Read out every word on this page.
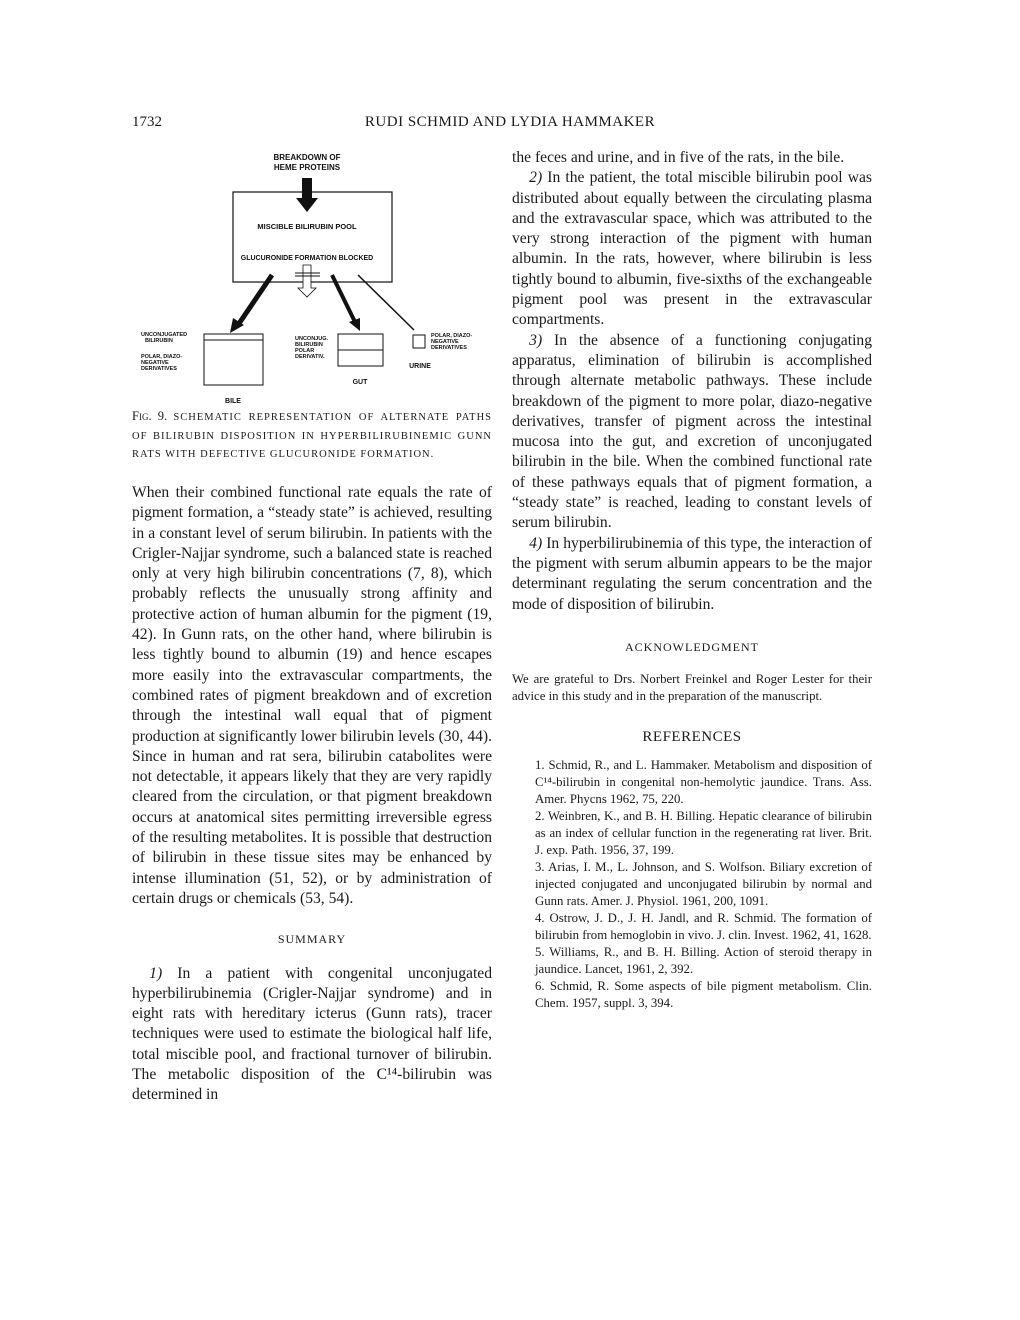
1732	RUDI SCHMID AND LYDIA HAMMAKER
BREAKDOWN OF
HEME PROTEINS
MISCIBLE BILIRUBIN POOL
GLUCURONIDE FORMATION BLOCKED
UNCONJUGATED
BILIRUBIN
POLAR, DIAZO-
NEGATIVE
DERIVATIVES
BILE
UNCONJUG.
BILIRUBIN
POLAR
DERIVATIV.
GUT
POLAR, DIAZO-
NEGATIVE
DERIVATIVES
URINE
Fig. 9. SCHEMATIC REPRESENTATION OF ALTERNATE PATHS OF BILIRUBIN DISPOSITION IN HYPERBILIRUBINEMIC GUNN RATS WITH DEFECTIVE GLUCURONIDE FORMATION.

When their combined functional rate equals the rate of pigment formation, a “steady state” is achieved, resulting in a constant level of serum bilirubin. In patients with the Crigler-Najjar syndrome, such a balanced state is reached only at very high bilirubin concentrations (7, 8), which probably reflects the unusually strong affinity and protective action of human albumin for the pigment (19, 42). In Gunn rats, on the other hand, where bilirubin is less tightly bound to albumin (19) and hence escapes more easily into the extravascular compartments, the combined rates of pigment breakdown and of excretion through the intestinal wall equal that of pigment production at significantly lower bilirubin levels (30, 44). Since in human and rat sera, bilirubin catabolites were not detectable, it appears likely that they are very rapidly cleared from the circulation, or that pigment breakdown occurs at anatomical sites permitting irreversible egress of the resulting metabolites. It is possible that destruction of bilirubin in these tissue sites may be enhanced by intense illumination (51, 52), or by administration of certain drugs or chemicals (53, 54).

SUMMARY

1) In a patient with congenital unconjugated hyperbilirubinemia (Crigler-Najjar syndrome) and in eight rats with hereditary icterus (Gunn rats), tracer techniques were used to estimate the biological half life, total miscible pool, and fractional turnover of bilirubin. The metabolic disposition of the C¹⁴-bilirubin was determined in

the feces and urine, and in five of the rats, in the bile.

2) In the patient, the total miscible bilirubin pool was distributed about equally between the circulating plasma and the extravascular space, which was attributed to the very strong interaction of the pigment with human albumin. In the rats, however, where bilirubin is less tightly bound to albumin, five-sixths of the exchangeable pigment pool was present in the extravascular compartments.

3) In the absence of a functioning conjugating apparatus, elimination of bilirubin is accomplished through alternate metabolic pathways. These include breakdown of the pigment to more polar, diazo-negative derivatives, transfer of pigment across the intestinal mucosa into the gut, and excretion of unconjugated bilirubin in the bile. When the combined functional rate of these pathways equals that of pigment formation, a “steady state” is reached, leading to constant levels of serum bilirubin.

4) In hyperbilirubinemia of this type, the interaction of the pigment with serum albumin appears to be the major determinant regulating the serum concentration and the mode of disposition of bilirubin.

ACKNOWLEDGMENT

We are grateful to Drs. Norbert Freinkel and Roger Lester for their advice in this study and in the preparation of the manuscript.

REFERENCES

1. Schmid, R., and L. Hammaker. Metabolism and disposition of C¹⁴-bilirubin in congenital non-hemolytic jaundice. Trans. Ass. Amer. Phycns 1962, 75, 220.

2. Weinbren, K., and B. H. Billing. Hepatic clearance of bilirubin as an index of cellular function in the regenerating rat liver. Brit. J. exp. Path. 1956, 37, 199.

3. Arias, I. M., L. Johnson, and S. Wolfson. Biliary excretion of injected conjugated and unconjugated bilirubin by normal and Gunn rats. Amer. J. Physiol. 1961, 200, 1091.

4. Ostrow, J. D., J. H. Jandl, and R. Schmid. The formation of bilirubin from hemoglobin in vivo. J. clin. Invest. 1962, 41, 1628.

5. Williams, R., and B. H. Billing. Action of steroid therapy in jaundice. Lancet, 1961, 2, 392.

6. Schmid, R. Some aspects of bile pigment metabolism. Clin. Chem. 1957, suppl. 3, 394.
